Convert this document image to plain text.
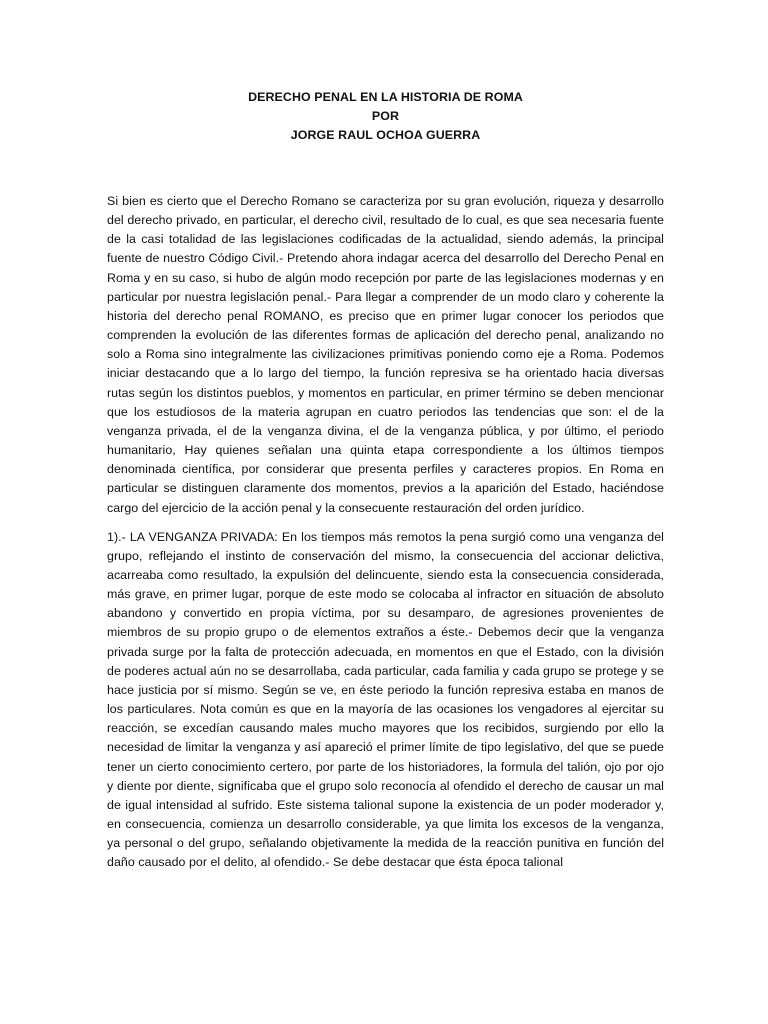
DERECHO PENAL EN LA HISTORIA DE ROMA
POR
JORGE RAUL OCHOA GUERRA

Si bien es cierto que el Derecho Romano se caracteriza por su gran evolución, riqueza y desarrollo del derecho privado, en particular, el derecho civil, resultado de lo cual, es que sea necesaria fuente de la casi totalidad de las legislaciones codificadas de la actualidad, siendo además, la principal fuente de nuestro Código Civil.- Pretendo ahora indagar acerca del desarrollo del Derecho Penal en Roma y en su caso, si hubo de algún modo recepción por parte de las legislaciones modernas y en particular por nuestra legislación penal.- Para llegar a comprender de un modo claro y coherente la historia del derecho penal ROMANO, es preciso que en primer lugar conocer los periodos que comprenden la evolución de las diferentes formas de aplicación del derecho penal, analizando no solo a Roma sino integralmente las civilizaciones primitivas poniendo como eje a Roma. Podemos iniciar destacando que a lo largo del tiempo, la función represiva se ha orientado hacia diversas rutas según los distintos pueblos, y momentos en particular, en primer término se deben mencionar que los estudiosos de la materia agrupan en cuatro periodos las tendencias que son: el de la venganza privada, el de la venganza divina, el de la venganza pública, y por último, el periodo humanitario, Hay quienes señalan una quinta etapa correspondiente a los últimos tiempos denominada científica, por considerar que presenta perfiles y caracteres propios. En Roma en particular se distinguen claramente dos momentos, previos a la aparición del Estado, haciéndose cargo del ejercicio de la acción penal y la consecuente restauración del orden jurídico.

1).- LA VENGANZA PRIVADA: En los tiempos más remotos la pena surgió como una venganza del grupo, reflejando el instinto de conservación del mismo, la consecuencia del accionar delictiva, acarreaba como resultado, la expulsión del delincuente, siendo esta la consecuencia considerada, más grave, en primer lugar, porque de este modo se colocaba al infractor en situación de absoluto abandono y convertido en propia víctima, por su desamparo, de agresiones provenientes de miembros de su propio grupo o de elementos extraños a éste.- Debemos decir que la venganza privada surge por la falta de protección adecuada, en momentos en que el Estado, con la división de poderes actual aún no se desarrollaba, cada particular, cada familia y cada grupo se protege y se hace justicia por sí mismo. Según se ve, en éste periodo la función represiva estaba en manos de los particulares. Nota común es que en la mayoría de las ocasiones los vengadores al ejercitar su reacción, se excedían causando males mucho mayores que los recibidos, surgiendo por ello la necesidad de limitar la venganza y así apareció el primer límite de tipo legislativo, del que se puede tener un cierto conocimiento certero, por parte de los historiadores, la formula del talión, ojo por ojo y diente por diente, significaba que el grupo solo reconocía al ofendido el derecho de causar un mal de igual intensidad al sufrido. Este sistema talional supone la existencia de un poder moderador y, en consecuencia, comienza un desarrollo considerable, ya que limita los excesos de la venganza, ya personal o del grupo, señalando objetivamente la medida de la reacción punitiva en función del daño causado por el delito, al ofendido.- Se debe destacar que ésta época talional
